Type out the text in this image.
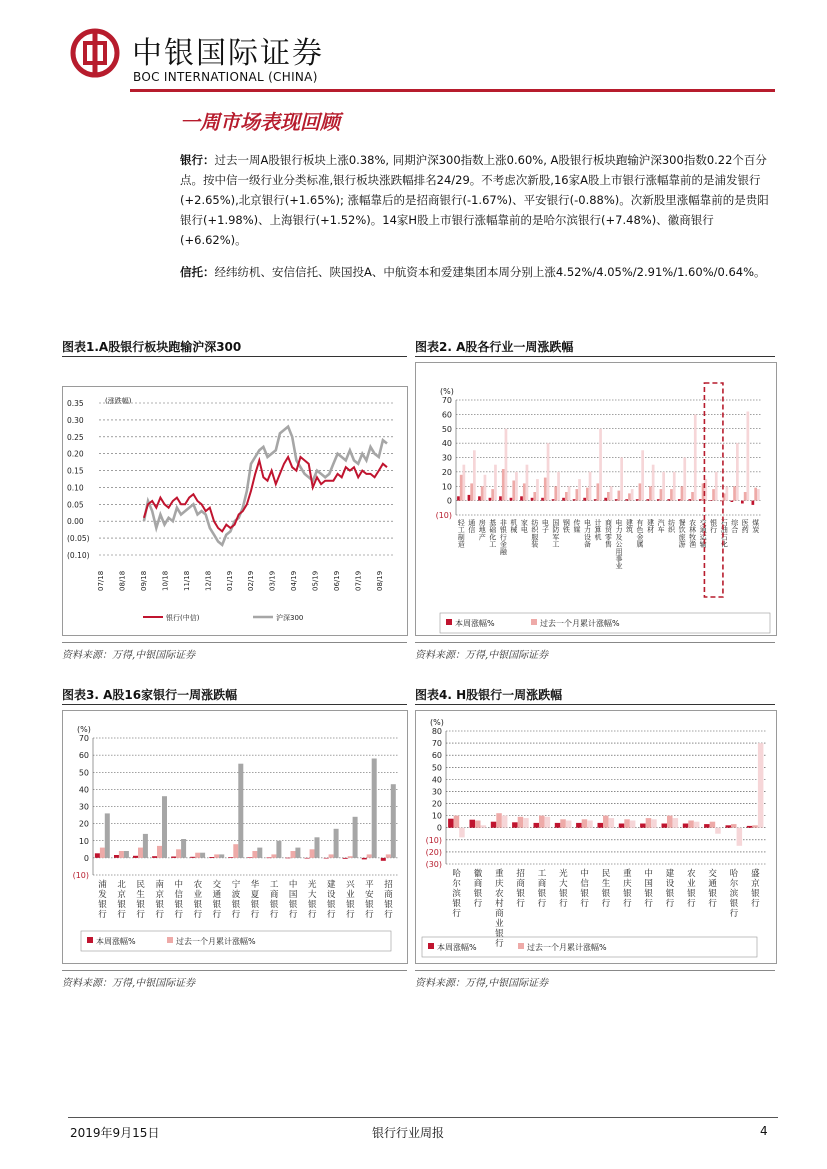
中银国际证券
BOC INTERNATIONAL (CHINA)
一周市场表现回顾
银行：过去一周A股银行板块上涨0.38%, 同期沪深300指数上涨0.60%, A股银行板块跑输沪深300指数0.22个百分点。按中信一级行业分类标准,银行板块涨跌幅排名24/29。不考虑次新股,16家A股上市银行涨幅靠前的是浦发银行(+2.65%),北京银行(+1.65%); 涨幅靠后的是招商银行(-1.67%)、平安银行(-0.88%)。次新股里涨幅靠前的是贵阳银行(+1.98%)、上海银行(+1.52%)。14家H股上市银行涨幅靠前的是哈尔滨银行(+7.48%)、徽商银行(+6.62%)。
信托：经纬纺机、安信信托、陕国投A、中航资本和爱建集团本周分别上涨4.52%/4.05%/2.91%/1.60%/0.64%。
图表1.A股银行板块跑输沪深300
(涨跌幅)
0.35
0.30
0.25
0.20
0.15
0.10
0.05
0.00
(0.05)
(0.10)
07/18 08/18 09/18 10/18 11/18 12/18 01/19 02/19 03/19 04/19 05/19 06/19 07/19 08/19
银行(中信)	沪深300
资料来源：万得,中银国际证券
图表2. A股各行业一周涨跌幅
(%)
70
60
50
40
30
20
10
0
(10)
轻
工
制
造
通
信
房
地
产
基
础
化
工
非
银
行
金
融
机
械
家
电
纺
织
服
装
电
子
国
防
军
工
钢
铁
传
媒
电
力
设
备
计
算
机
商
贸
零
售
电
力
及
公
用
事
业
建
筑
有
色
金
属
建
材
汽
车
纺
织
餐
饮
旅
游
农
林
牧
渔
交
通
运
输
银
行
石
油
石
化
综
合
医
药
煤
炭
本周涨幅%	过去一个月累计涨幅%
资料来源：万得,中银国际证券
图表3. A股16家银行一周涨跌幅
(%)
70
60
50
40
30
20
10
0
(10)
浦
发
银
行
北
京
银
行
民
生
银
行
南
京
银
行
中
信
银
行
农
业
银
行
交
通
银
行
宁
波
银
行
华
夏
银
行
工
商
银
行
中
国
银
行
光
大
银
行
建
设
银
行
兴
业
银
行
平
安
银
行
招
商
银
行
本周涨幅%	过去一个月累计涨幅%
资料来源：万得,中银国际证券
图表4. H股银行一周涨跌幅
(%)
80
70
60
50
40
30
20
10
0
(10)
(20)
(30)
哈
尔
滨
银
行
徽
商
银
行
重
庆
农
村
商
业
银
行
招
商
银
行
工
商
银
行
光
大
银
行
中
信
银
行
民
生
银
行
重
庆
银
行
中
国
银
行
建
设
银
行
农
业
银
行
交
通
银
行
哈
尔
滨
银
行
盛
京
银
行
本周涨幅%	过去一个月累计涨幅%
资料来源：万得,中银国际证券
2019年9月15日	银行行业周报	4
